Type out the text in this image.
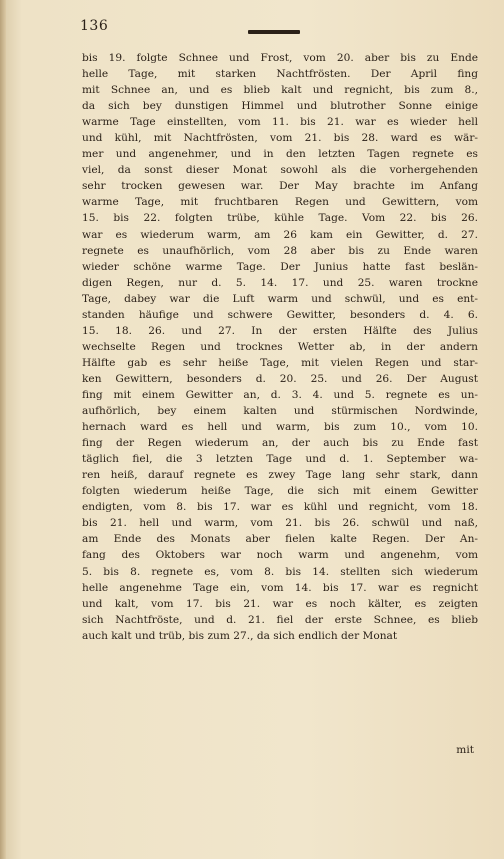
136
bis 19. folgte Schnee und Frost, vom 20. aber bis zu Ende
helle Tage, mit starken Nachtfrösten. Der April fing
mit Schnee an, und es blieb kalt und regnicht, bis zum 8.,
da sich bey dunstigen Himmel und blutrother Sonne einige
warme Tage einstellten, vom 11. bis 21. war es wieder hell
und kühl, mit Nachtfrösten, vom 21. bis 28. ward es wär-
mer und angenehmer, und in den letzten Tagen regnete es
viel, da sonst dieser Monat sowohl als die vorhergehenden
sehr trocken gewesen war. Der May brachte im Anfang
warme Tage, mit fruchtbaren Regen und Gewittern, vom
15. bis 22. folgten trübe, kühle Tage. Vom 22. bis 26.
war es wiederum warm, am 26 kam ein Gewitter, d. 27.
regnete es unaufhörlich, vom 28 aber bis zu Ende waren
wieder schöne warme Tage. Der Junius hatte fast beslän-
digen Regen, nur d. 5. 14. 17. und 25. waren trockne
Tage, dabey war die Luft warm und schwül, und es ent-
standen häufige und schwere Gewitter, besonders d. 4. 6.
15. 18. 26. und 27. In der ersten Hälfte des Julius
wechselte Regen und trocknes Wetter ab, in der andern
Hälfte gab es sehr heiße Tage, mit vielen Regen und star-
ken Gewittern, besonders d. 20. 25. und 26. Der August
fing mit einem Gewitter an, d. 3. 4. und 5. regnete es un-
aufhörlich, bey einem kalten und stürmischen Nordwinde,
hernach ward es hell und warm, bis zum 10., vom 10.
fing der Regen wiederum an, der auch bis zu Ende fast
täglich fiel, die 3 letzten Tage und d. 1. September wa-
ren heiß, darauf regnete es zwey Tage lang sehr stark, dann
folgten wiederum heiße Tage, die sich mit einem Gewitter
endigten, vom 8. bis 17. war es kühl und regnicht, vom 18.
bis 21. hell und warm, vom 21. bis 26. schwül und naß,
am Ende des Monats aber fielen kalte Regen. Der An-
fang des Oktobers war noch warm und angenehm, vom
5. bis 8. regnete es, vom 8. bis 14. stellten sich wiederum
helle angenehme Tage ein, vom 14. bis 17. war es regnicht
und kalt, vom 17. bis 21. war es noch kälter, es zeigten
sich Nachtfröste, und d. 21. fiel der erste Schnee, es blieb
auch kalt und trüb, bis zum 27., da sich endlich der Monat
mit
